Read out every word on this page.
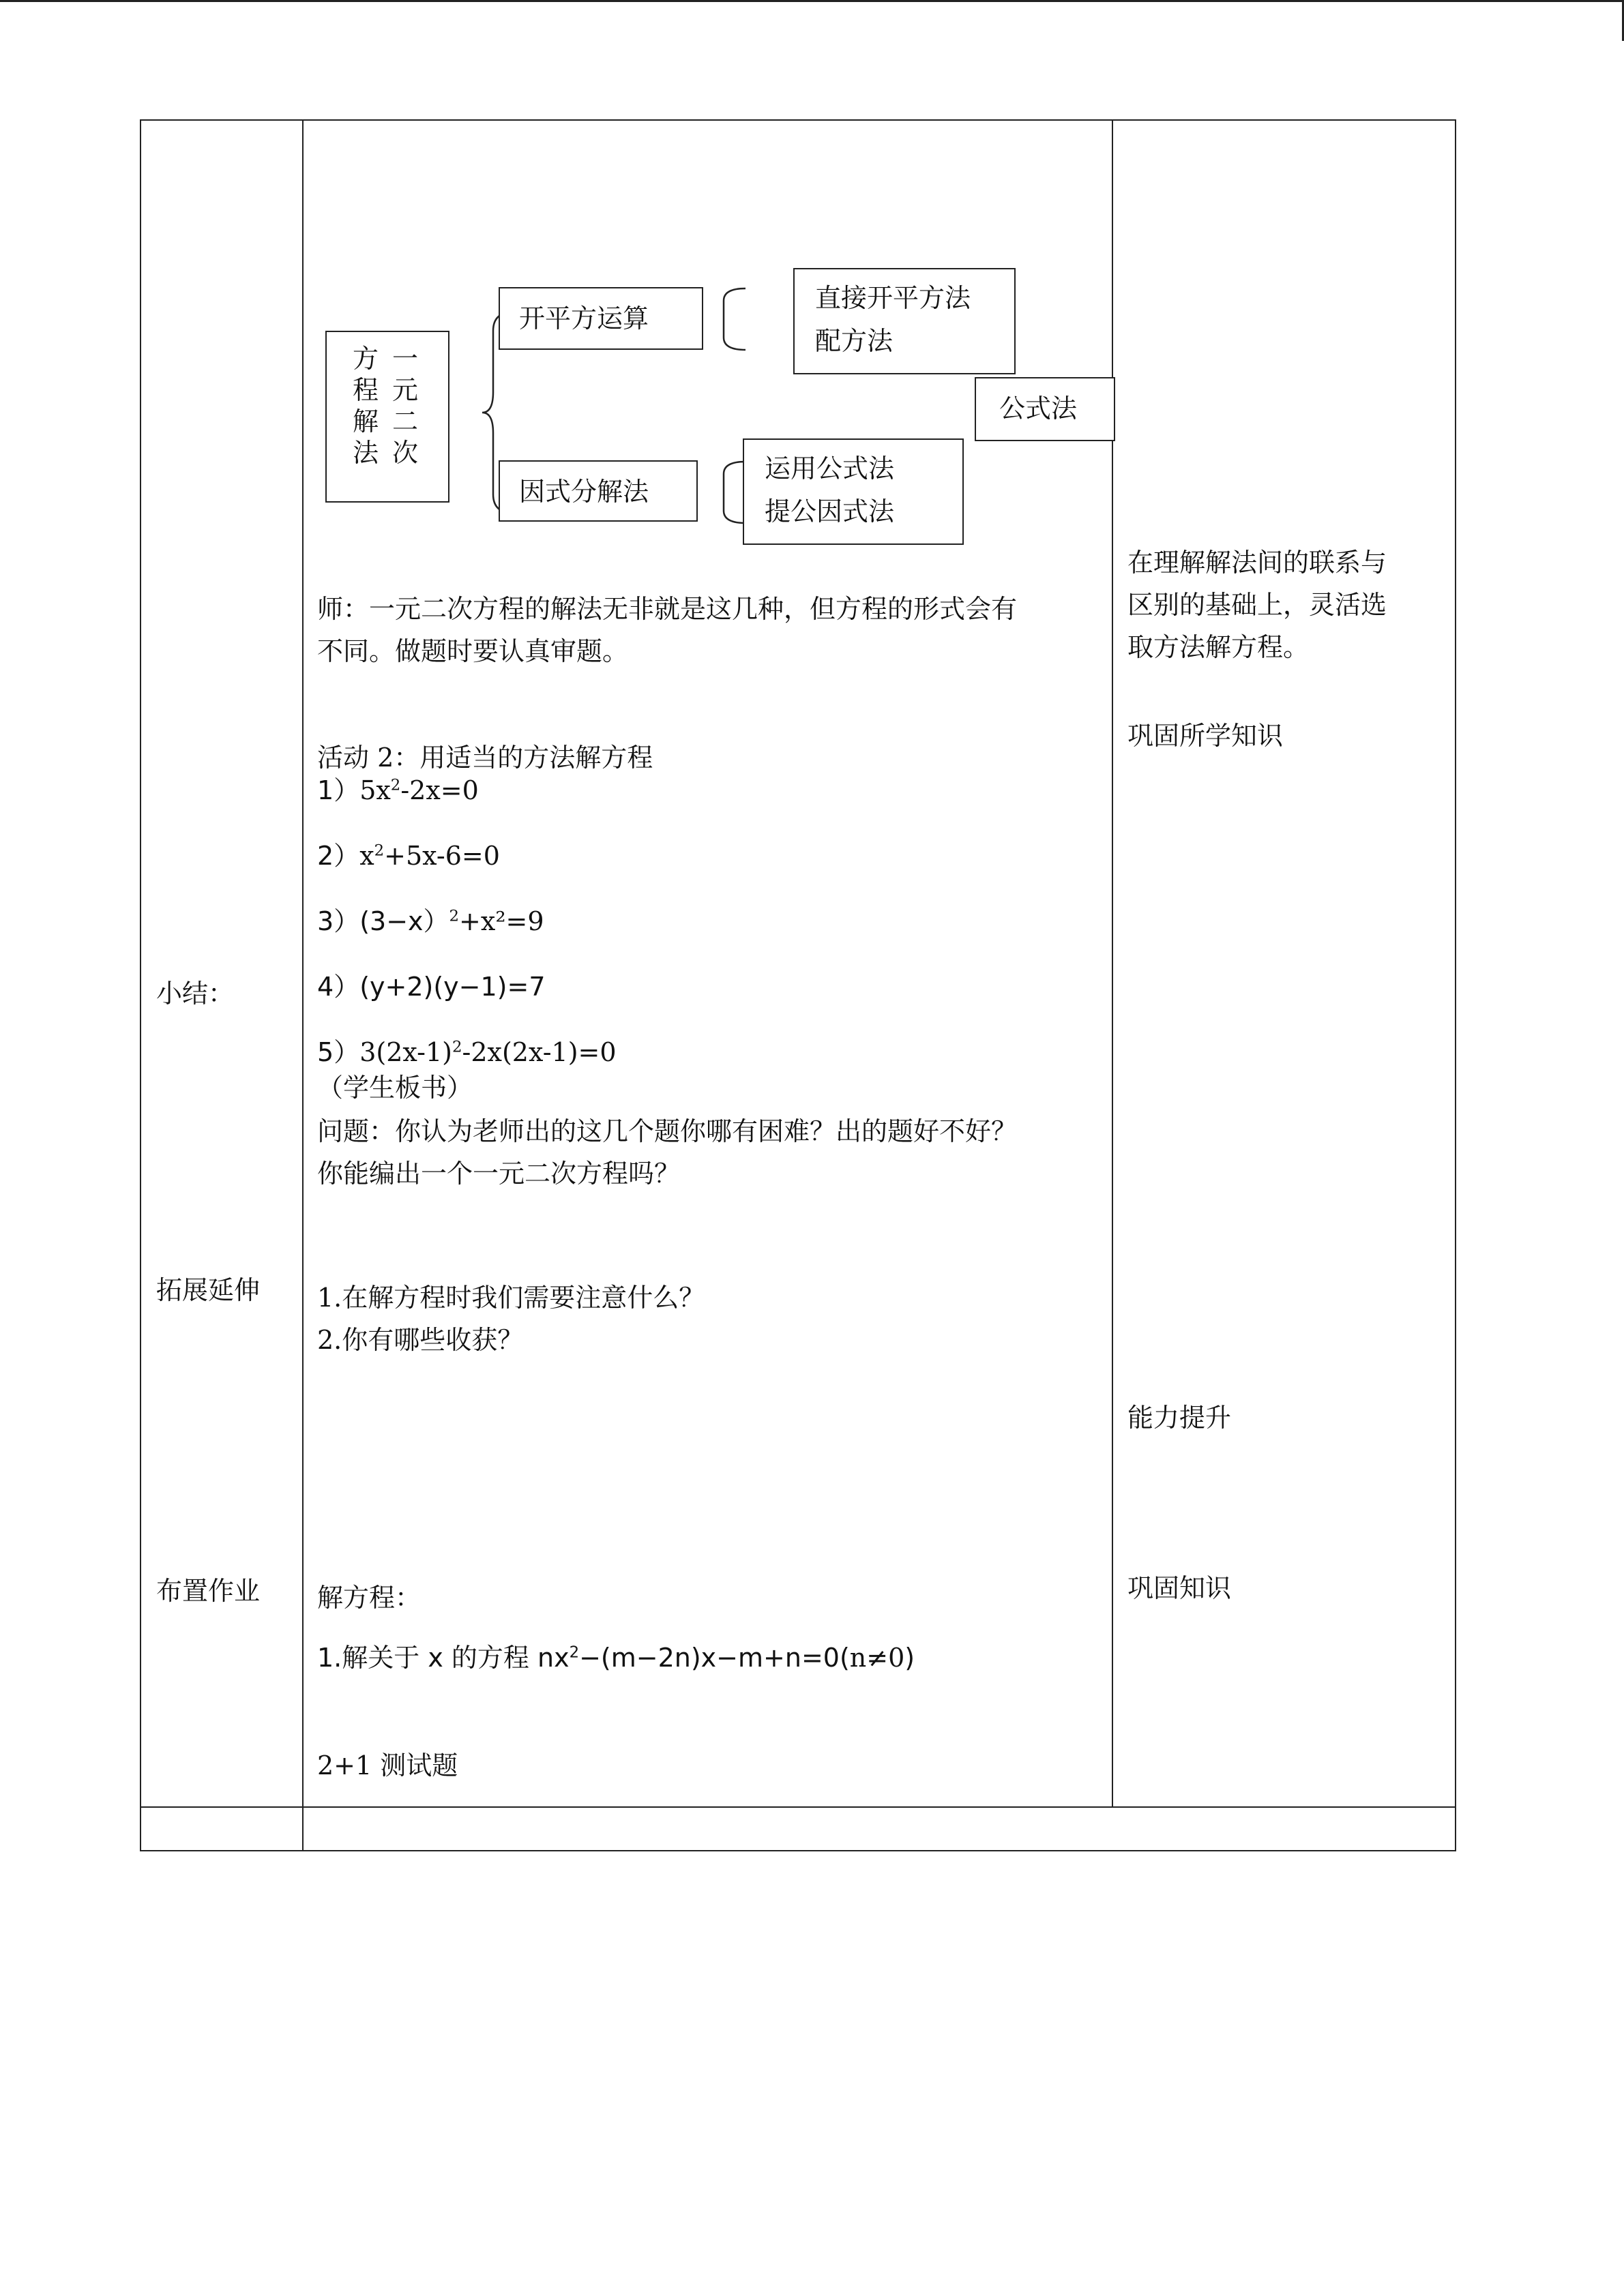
小结：
拓展延伸
布置作业
一元二次
方程解法
开平方运算
因式分解法
直接开平方法
配方法
公式法
运用公式法
提公因式法
师：一元二次方程的解法无非就是这几种，但方程的形式会有
不同。做题时要认真审题。
活动 2：用适当的方法解方程
$1)5x^2-2x=0$
$2)x^2+5x-6=0$
3）(3−x）$^2$+x²=9
4）(y+2)(y−1)=7
$5)3(2x-1)^2-2x(2x-1)=0$
（学生板书）
问题：你认为老师出的这几个题你哪有困难？出的题好不好？
你能编出一个一元二次方程吗？
1.在解方程时我们需要注意什么？
2.你有哪些收获？
解方程：
1.解关于 x 的方程 $nx^2-(m-2n)x-m+n=0(n\ne 0)$
2+1 测试题
在理解解法间的联系与
区别的基础上，灵活选
取方法解方程。
巩固所学知识
能力提升
巩固知识
